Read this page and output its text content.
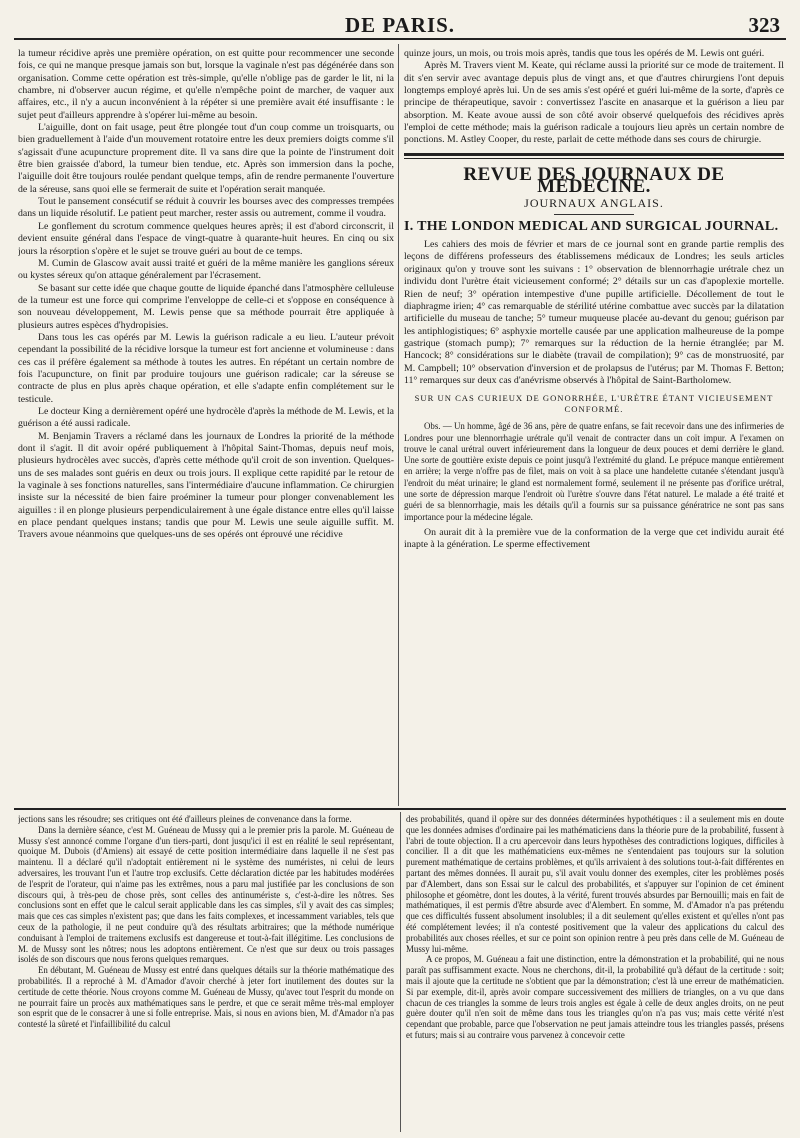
DE PARIS.	323

la tumeur récidive après une première opération, on est quitte pour recommencer une seconde fois, ce qui ne manque presque jamais son but, lorsque la vaginale n'est pas dégénérée dans son organisation. Comme cette opération est très-simple, qu'elle n'oblige pas de garder le lit, ni la chambre, ni d'observer aucun régime, et qu'elle n'empêche point de marcher, de vaquer aux affaires, etc., il n'y a aucun inconvénient à la répéter si une première avait été insuffisante : le sujet peut d'ailleurs apprendre à s'opérer lui-même au besoin.

L'aiguille, dont on fait usage, peut être plongée tout d'un coup comme un troisquarts, ou bien graduellement à l'aide d'un mouvement rotatoire entre les deux premiers doigts comme s'il s'agissait d'une acupuncture proprement dite. Il va sans dire que la pointe de l'instrument doit être bien graissée d'abord, la tumeur bien tendue, etc. Après son immersion dans la poche, l'aiguille doit être toujours roulée pendant quelque temps, afin de rendre permanente l'ouverture de la séreuse, sans quoi elle se fermerait de suite et l'opération serait manquée.

Tout le pansement consécutif se réduit à couvrir les bourses avec des compresses trempées dans un liquide résolutif. Le patient peut marcher, rester assis ou autrement, comme il voudra.

Le gonflement du scrotum commence quelques heures après; il est d'abord circonscrit, il devient ensuite général dans l'espace de vingt-quatre à quarante-huit heures. En cinq ou six jours la résorption s'opère et le sujet se trouve guéri au bout de ce temps.

M. Cumin de Glascow avait aussi traité et guéri de la même manière les ganglions séreux ou kystes séreux qu'on attaque généralement par l'écrasement.

Se basant sur cette idée que chaque goutte de liquide épanché dans l'atmosphère celluleuse de la tumeur est une force qui comprime l'enveloppe de celle-ci et s'oppose en conséquence à son nouveau développement, M. Lewis pense que sa méthode pourrait être appliquée à plusieurs autres espèces d'hydropisies.

Dans tous les cas opérés par M. Lewis la guérison radicale a eu lieu. L'auteur prévoit cependant la possibilité de la récidive lorsque la tumeur est fort ancienne et volumineuse : dans ces cas il préfère également sa méthode à toutes les autres. En répétant un certain nombre de fois l'acupuncture, on finit par produire toujours une guérison radicale; car la séreuse se contracte de plus en plus après chaque opération, et elle s'adapte enfin complétement sur le testicule.

Le docteur King a dernièrement opéré une hydrocèle d'après la méthode de M. Lewis, et la guérison a été aussi radicale.

M. Benjamin Travers a réclamé dans les journaux de Londres la priorité de la méthode dont il s'agit. Il dit avoir opéré publiquement à l'hôpital Saint-Thomas, depuis neuf mois, plusieurs hydrocèles avec succès, d'après cette méthode qu'il croit de son invention. Quelques-uns de ses malades sont guéris en deux ou trois jours. Il explique cette rapidité par le retour de la vaginale à ses fonctions naturelles, sans l'intermédiaire d'aucune inflammation. Ce chirurgien insiste sur la nécessité de bien faire proéminer la tumeur pour plonger convenablement les aiguilles : il en plonge plusieurs perpendiculairement à une égale distance entre elles qu'il laisse en place pendant quelques instans; tandis que pour M. Lewis une seule aiguille suffit. M. Travers avoue néanmoins que quelques-uns de ses opérés ont éprouvé une récidive

quinze jours, un mois, ou trois mois après, tandis que tous les opérés de M. Lewis ont guéri.

Après M. Travers vient M. Keate, qui réclame aussi la priorité sur ce mode de traitement. Il dit s'en servir avec avantage depuis plus de vingt ans, et que d'autres chirurgiens l'ont depuis longtemps employé après lui. Un de ses amis s'est opéré et guéri lui-même de la sorte, d'après ce principe de thérapeutique, savoir : convertissez l'ascite en anasarque et la guérison a lieu par absorption. M. Keate avoue aussi de son côté avoir observé quelquefois des récidives après l'emploi de cette méthode; mais la guérison radicale a toujours lieu après un certain nombre de ponctions. M. Astley Cooper, du reste, parlait de cette méthode dans ses cours de chirurgie.

REVUE DES JOURNAUX DE MÉDECINE.
JOURNAUX ANGLAIS.
I. THE LONDON MEDICAL AND SURGICAL JOURNAL.

Les cahiers des mois de février et mars de ce journal sont en grande partie remplis des leçons de différens professeurs des établissemens médicaux de Londres; les seuls articles originaux qu'on y trouve sont les suivans : 1° observation de blennorrhagie urétrale chez un individu dont l'urètre était vicieusement conformé; 2° détails sur un cas d'apoplexie mortelle. Rien de neuf; 3° opération intempestive d'une pupille artificielle. Décollement de tout le diaphragme irien; 4° cas remarquable de stérilité utérine combattue avec succès par la dilatation artificielle du museau de tanche; 5° tumeur muqueuse placée au-devant du genou; guérison par les antiphlogistiques; 6° asphyxie mortelle causée par une application malheureuse de la pompe gastrique (stomach pump); 7° remarques sur la réduction de la hernie étranglée; par M. Hancock; 8° considérations sur le diabète (travail de compilation); 9° cas de monstruosité, par M. Campbell; 10° observation d'inversion et de prolapsus de l'utérus; par M. Thomas F. Betton; 11° remarques sur deux cas d'anévrisme observés à l'hôpital de Saint-Bartholomew.

SUR UN CAS CURIEUX DE GONORRHÉE, L'URÈTRE ÉTANT VICIEUSEMENT CONFORMÉ.

Obs. — Un homme, âgé de 36 ans, père de quatre enfans, se fait recevoir dans une des infirmeries de Londres pour une blennorrhagie urétrale qu'il venait de contracter dans un coït impur. A l'examen on trouve le canal urétral ouvert inférieurement dans la longueur de deux pouces et demi derrière le gland. Une sorte de gouttière existe depuis ce point jusqu'à l'extrémité du gland. Le prépuce manque entièrement en arrière; la verge n'offre pas de filet, mais on voit à sa place une handelette cutanée s'étendant jusqu'à l'endroit du méat urinaire; le gland est normalement formé, seulement il ne présente pas d'orifice urétral, une sorte de dépression marque l'endroit où l'urètre s'ouvre dans l'état naturel. Le malade a été traité et guéri de sa blennorrhagie, mais les détails qu'il a fournis sur sa puissance génératrice ne sont pas sans importance pour la médecine légale.

On aurait dit à la première vue de la conformation de la verge que cet individu aurait été inapte à la génération. Le sperme effectivement

jections sans les résoudre; ses critiques ont été d'ailleurs pleines de convenance dans la forme.

Dans la dernière séance, c'est M. Guéneau de Mussy qui a le premier pris la parole. M. Guéneau de Mussy s'est annoncé comme l'organe d'un tiers-parti, dont jusqu'ici il est en réalité le seul représentant, quoique M. Dubois (d'Amiens) ait essayé de cette position intermédiaire dans laquelle il ne s'est pas maintenu. Il a déclaré qu'il n'adoptait entièrement ni le système des numéristes, ni celui de leurs adversaires, les trouvant l'un et l'autre trop exclusifs. Cette déclaration dictée par les habitudes modérées de l'esprit de l'orateur, qui n'aime pas les extrêmes, nous a paru mal justifiée par les conclusions de son discours qui, à très-peu de chose près, sont celles des antinumériste s, c'est-à-dire les nôtres. Ses conclusions sont en effet que le calcul serait applicable dans les cas simples, s'il y avait des cas simples; mais que ces cas simples n'existent pas; que dans les faits complexes, et incessamment variables, tels que ceux de la pathologie, il ne peut conduire qu'à des résultats arbitraires; que la méthode numérique conduisant à l'emploi de traitemens exclusifs est dangereuse et tout-à-fait illégitime. Les conclusions de M. de Mussy sont les nôtres; nous les adoptons entièrement. Ce n'est que sur deux ou trois passages isolés de son discours que nous ferons quelques remarques.

En débutant, M. Guéneau de Mussy est entré dans quelques détails sur la théorie mathématique des probabilités. Il a reproché à M. d'Amador d'avoir cherché à jeter fort inutilement des doutes sur la certitude de cette théorie. Nous croyons comme M. Guéneau de Mussy, qu'avec tout l'esprit du monde on ne pourrait faire un procès aux mathématiques sans le perdre, et que ce serait même très-mal employer son esprit que de le consacrer à une si folle entreprise. Mais, si nous en avions bien, M. d'Amador n'a pas contesté la sûreté et l'infaillibilité du calcul

des probabilités, quand il opère sur des données déterminées hypothétiques : il a seulement mis en doute que les données admises d'ordinaire pai les mathématiciens dans la théorie pure de la probabilité, fussent à l'abri de toute objection. Il a cru apercevoir dans leurs hypothèses des contradictions logiques, difficiles à concilier. Il a dit que les mathématiciens eux-mêmes ne s'entendaient pas toujours sur la solution purement mathématique de certains problèmes, et qu'ils arrivaient à des solutions tout-à-fait différentes en partant des mêmes données. Il aurait pu, s'il avait voulu donner des exemples, citer les problèmes posés par d'Alembert, dans son Essai sur le calcul des probabilités, et s'appuyer sur l'opinion de cet éminent philosophe et géomètre, dont les doutes, à la vérité, furent trouvés absurdes par Bernouilli; mais en fait de mathématiques, il est permis d'être absurde avec d'Alembert. En somme, M. d'Amador n'a pas prétendu que ces difficultés fussent absolument insolubles; il a dit seulement qu'elles existent et qu'elles n'ont pas été complétement levées; il n'a contesté positivement que la valeur des applications du calcul des probabilités aux choses réelles, et sur ce point son opinion rentre à peu près dans celle de M. Guéneau de Mussy lui-même.

A ce propos, M. Guéneau a fait une distinction, entre la démonstration et la probabilité, qui ne nous paraît pas suffisamment exacte. Nous ne cherchons, dit-il, la probabilité qu'à défaut de la certitude : soit; mais il ajoute que la certitude ne s'obtient que par la démonstration; c'est là une erreur de mathématicien. Si par exemple, dit-il, après avoir compare successivement des milliers de triangles, on a vu que dans chacun de ces triangles la somme de leurs trois angles est égale à celle de deux angles droits, on ne peut guère douter qu'il n'en soit de même dans tous les triangles qu'on n'a pas vus; mais cette vérité n'est cependant que probable, parce que l'observation ne peut jamais atteindre tous les triangles passés, présens et futurs; mais si au contraire vous parvenez à concevoir cette
